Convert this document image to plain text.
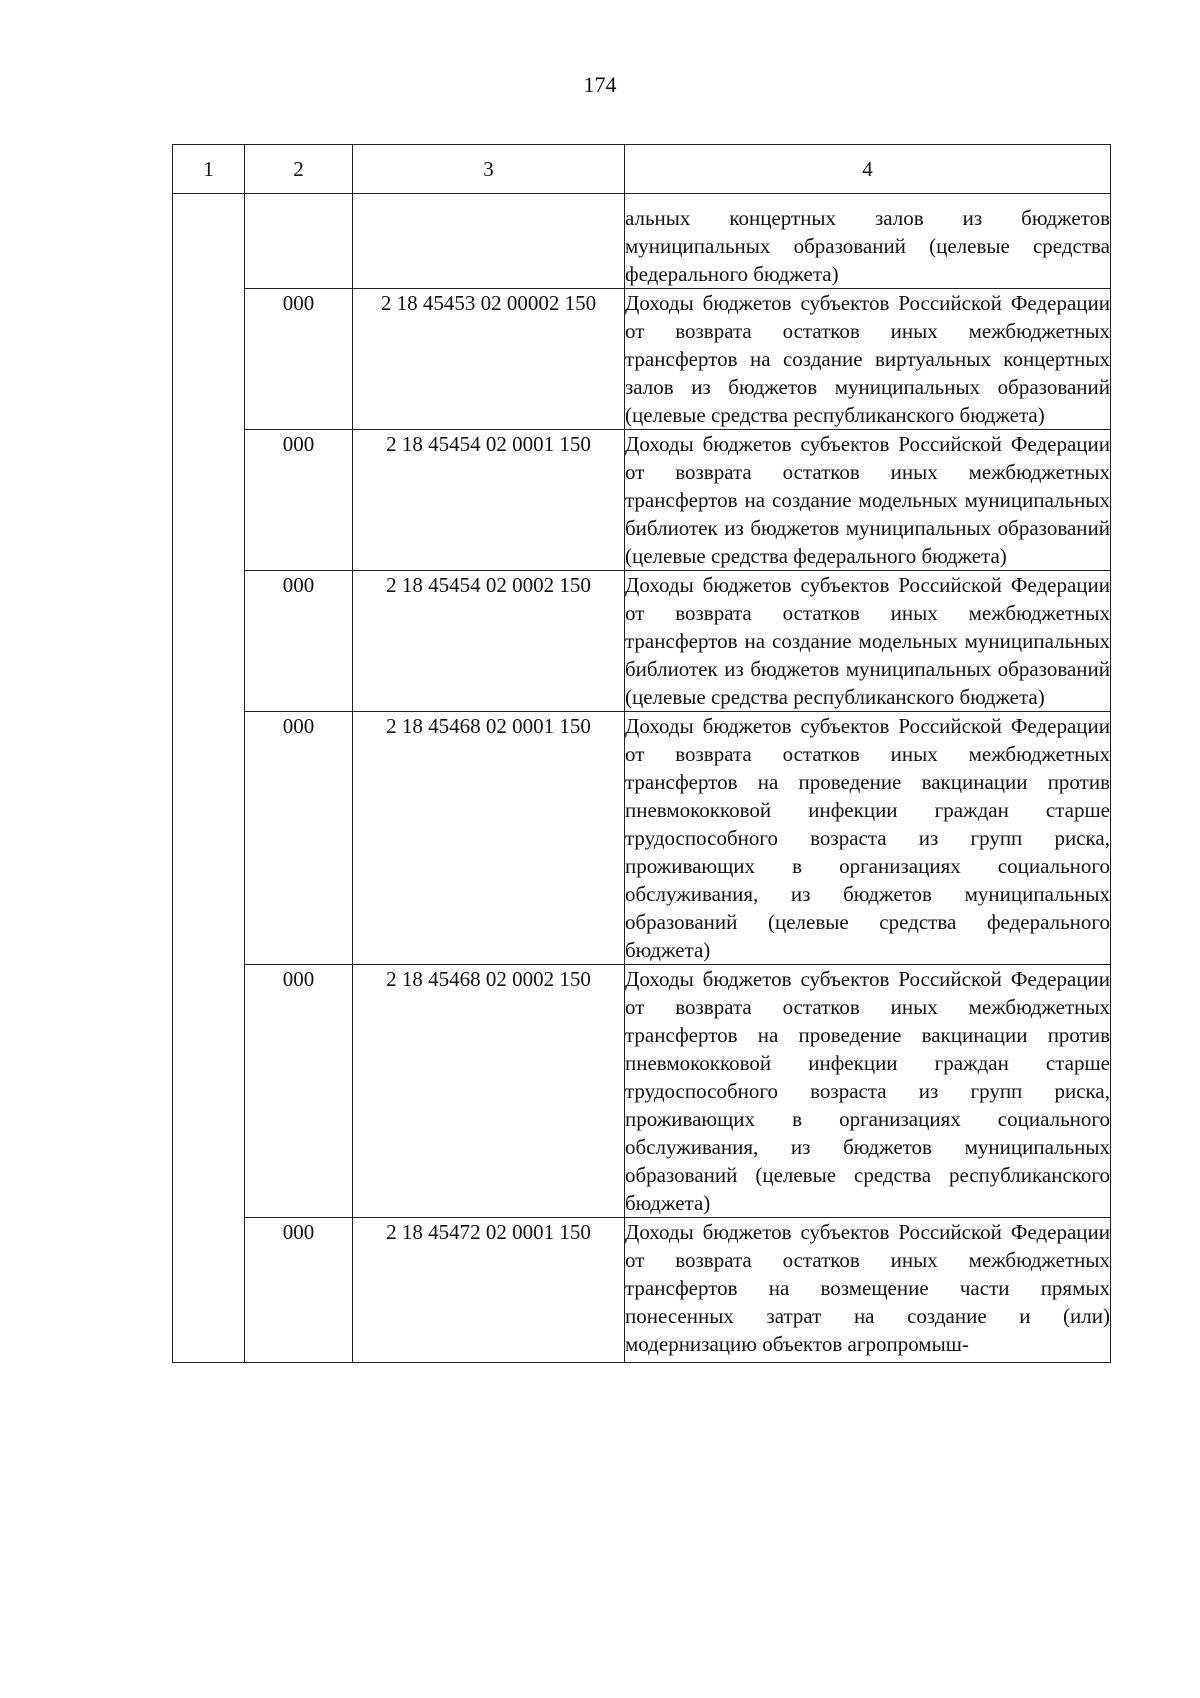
174
1	2	3	4
			альных концертных залов из бюджетов муниципальных образований (целевые средства федерального бюджета)
	000	2 18 45453 02 00002 150	Доходы бюджетов субъектов Российской Федерации от возврата остатков иных межбюджетных трансфертов на создание виртуальных концертных залов из бюджетов муниципальных образований (целевые средства республиканского бюджета)
	000	2 18 45454 02 0001 150	Доходы бюджетов субъектов Российской Федерации от возврата остатков иных межбюджетных трансфертов на создание модельных муниципальных библиотек из бюджетов муниципальных образований (целевые средства федерального бюджета)
	000	2 18 45454 02 0002 150	Доходы бюджетов субъектов Российской Федерации от возврата остатков иных межбюджетных трансфертов на создание модельных муниципальных библиотек из бюджетов муниципальных образований (целевые средства республиканского бюджета)
	000	2 18 45468 02 0001 150	Доходы бюджетов субъектов Российской Федерации от возврата остатков иных межбюджетных трансфертов на проведение вакцинации против пневмококковой инфекции граждан старше трудоспособного возраста из групп риска, проживающих в организациях социального обслуживания, из бюджетов муниципальных образований (целевые средства федерального бюджета)
	000	2 18 45468 02 0002 150	Доходы бюджетов субъектов Российской Федерации от возврата остатков иных межбюджетных трансфертов на проведение вакцинации против пневмококковой инфекции граждан старше трудоспособного возраста из групп риска, проживающих в организациях социального обслуживания, из бюджетов муниципальных образований (целевые средства республиканского бюджета)
	000	2 18 45472 02 0001 150	Доходы бюджетов субъектов Российской Федерации от возврата остатков иных межбюджетных трансфертов на возмещение части прямых понесенных затрат на создание и (или) модернизацию объектов агропромыш-
